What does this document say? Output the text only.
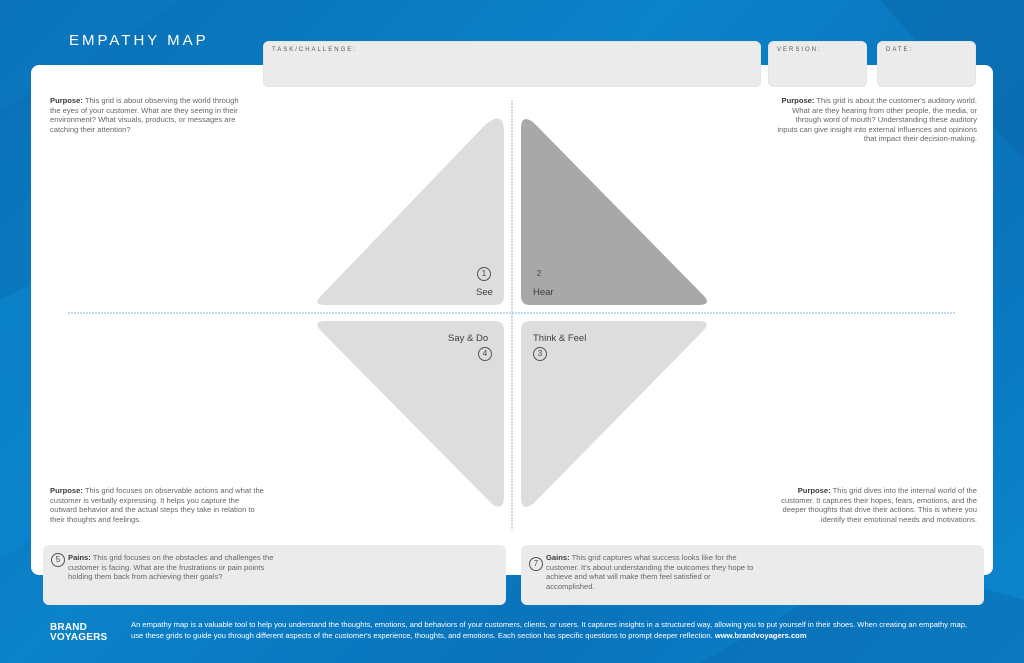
EMPATHY MAP
TASK/CHALLENGE:	VERSION:	DATE:
Purpose: This grid is about observing the world through the eyes of your customer. What are they seeing in their environment? What visuals, products, or messages are catching their attention?
Purpose: This grid is about the customer's auditory world. What are they hearing from other people, the media, or through word of mouth? Understanding these auditory inputs can give insight into external influences and opinions that impact their decision-making.
Purpose: This grid focuses on observable actions and what the customer is verbally expressing. It helps you capture the outward behavior and the actual steps they take in relation to their thoughts and feelings.
Purpose: This grid dives into the internal world of the customer. It captures their hopes, fears, emotions, and the deeper thoughts that drive their actions. This is where you identify their emotional needs and motivations.
1
See
2
Hear
Say & Do
4
Think & Feel
3
5	Pains: This grid focuses on the obstacles and challenges the customer is facing. What are the frustrations or pain points holding them back from achieving their goals?
7
Gains: This grid captures what success looks like for the customer. It's about understanding the outcomes they hope to achieve and what will make them feel satisfied or accomplished.
BRAND
VOYAGERS
An empathy map is a valuable tool to help you understand the thoughts, emotions, and behaviors of your customers, clients, or users. It captures insights in a structured way, allowing you to put yourself in their shoes. When creating an empathy map, use these grids to guide you through different aspects of the customer's experience, thoughts, and emotions. Each section has specific questions to prompt deeper reflection. www.brandvoyagers.com
